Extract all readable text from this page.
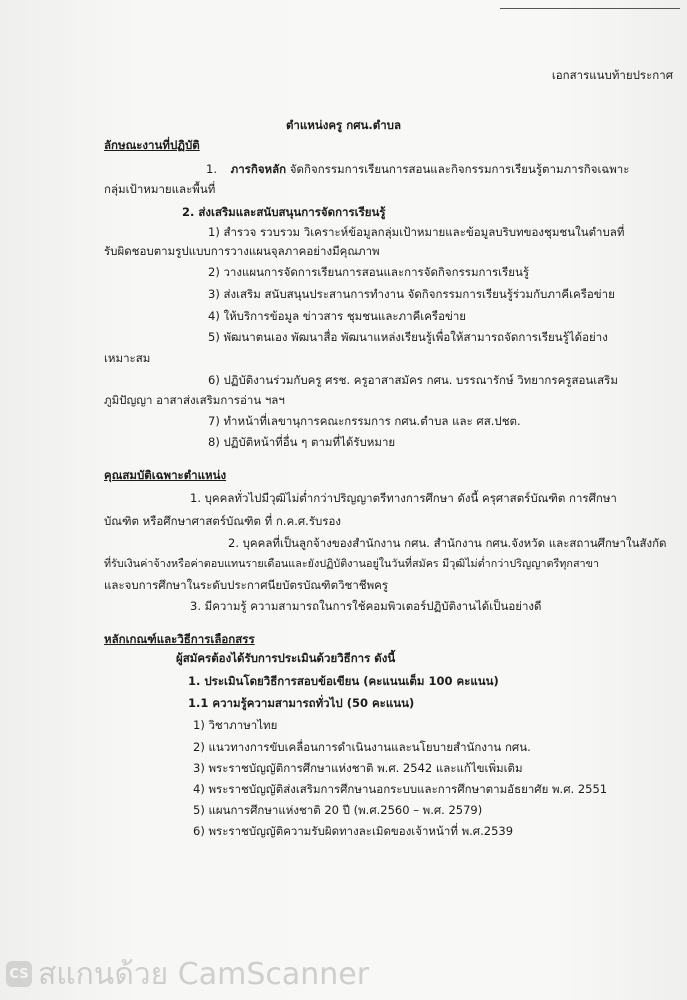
เอกสารแนบท้ายประกาศ
ตำแหน่งครู กศน.ตำบล
ลักษณะงานที่ปฏิบัติ
1. ภารกิจหลัก จัดกิจกรรมการเรียนการสอนและกิจกรรมการเรียนรู้ตามภารกิจเฉพาะ
กลุ่มเป้าหมายและพื้นที่
2. ส่งเสริมและสนับสนุนการจัดการเรียนรู้
1) สำรวจ รวบรวม วิเคราะห์ข้อมูลกลุ่มเป้าหมายและข้อมูลบริบทของชุมชนในตำบลที่
รับผิดชอบตามรูปแบบการวางแผนจุลภาคอย่างมีคุณภาพ
2) วางแผนการจัดการเรียนการสอนและการจัดกิจกรรมการเรียนรู้
3) ส่งเสริม สนับสนุนประสานการทำงาน จัดกิจกรรมการเรียนรู้ร่วมกับภาคีเครือข่าย
4) ให้บริการข้อมูล ข่าวสาร ชุมชนและภาคีเครือข่าย
5) พัฒนาตนเอง พัฒนาสื่อ พัฒนาแหล่งเรียนรู้เพื่อให้สามารถจัดการเรียนรู้ได้อย่าง
เหมาะสม
6) ปฏิบัติงานร่วมกับครู ศรช. ครูอาสาสมัคร กศน. บรรณารักษ์ วิทยากรครูสอนเสริม
ภูมิปัญญา อาสาส่งเสริมการอ่าน ฯลฯ
7) ทำหน้าที่เลขานุการคณะกรรมการ กศน.ตำบล และ ศส.ปชต.
8) ปฏิบัติหน้าที่อื่น ๆ ตามที่ได้รับหมาย
คุณสมบัติเฉพาะตำแหน่ง
1. บุคคลทั่วไปมีวุฒิไม่ต่ำกว่าปริญญาตรีทางการศึกษา ดังนี้ ครุศาสตร์บัณฑิต การศึกษา
บัณฑิต หรือศึกษาศาสตร์บัณฑิต ที่ ก.ค.ศ.รับรอง
2. บุคคลที่เป็นลูกจ้างของสำนักงาน กศน. สำนักงาน กศน.จังหวัด และสถานศึกษาในสังกัด
ที่รับเงินค่าจ้างหรือค่าตอบแทนรายเดือนและยังปฏิบัติงานอยู่ในวันที่สมัคร มีวุฒิไม่ต่ำกว่าปริญญาตรีทุกสาขา
และจบการศึกษาในระดับประกาศนียบัตรบัณฑิตวิชาชีพครู
3. มีความรู้ ความสามารถในการใช้คอมพิวเตอร์ปฏิบัติงานได้เป็นอย่างดี
หลักเกณฑ์และวิธีการเลือกสรร
ผู้สมัครต้องได้รับการประเมินด้วยวิธีการ ดังนี้
1. ประเมินโดยวิธีการสอบข้อเขียน (คะแนนเต็ม 100 คะแนน)
1.1 ความรู้ความสามารถทั่วไป (50 คะแนน)
1) วิชาภาษาไทย
2) แนวทางการขับเคลื่อนการดำเนินงานและนโยบายสำนักงาน กศน.
3) พระราชบัญญัติการศึกษาแห่งชาติ พ.ศ. 2542 และแก้ไขเพิ่มเติม
4) พระราชบัญญัติส่งเสริมการศึกษานอกระบบและการศึกษาตามอัธยาศัย พ.ศ. 2551
5) แผนการศึกษาแห่งชาติ 20 ปี (พ.ศ.2560 – พ.ศ. 2579)
6) พระราชบัญญัติความรับผิดทางละเมิดของเจ้าหน้าที่ พ.ศ.2539
CS สแกนด้วย CamScanner
